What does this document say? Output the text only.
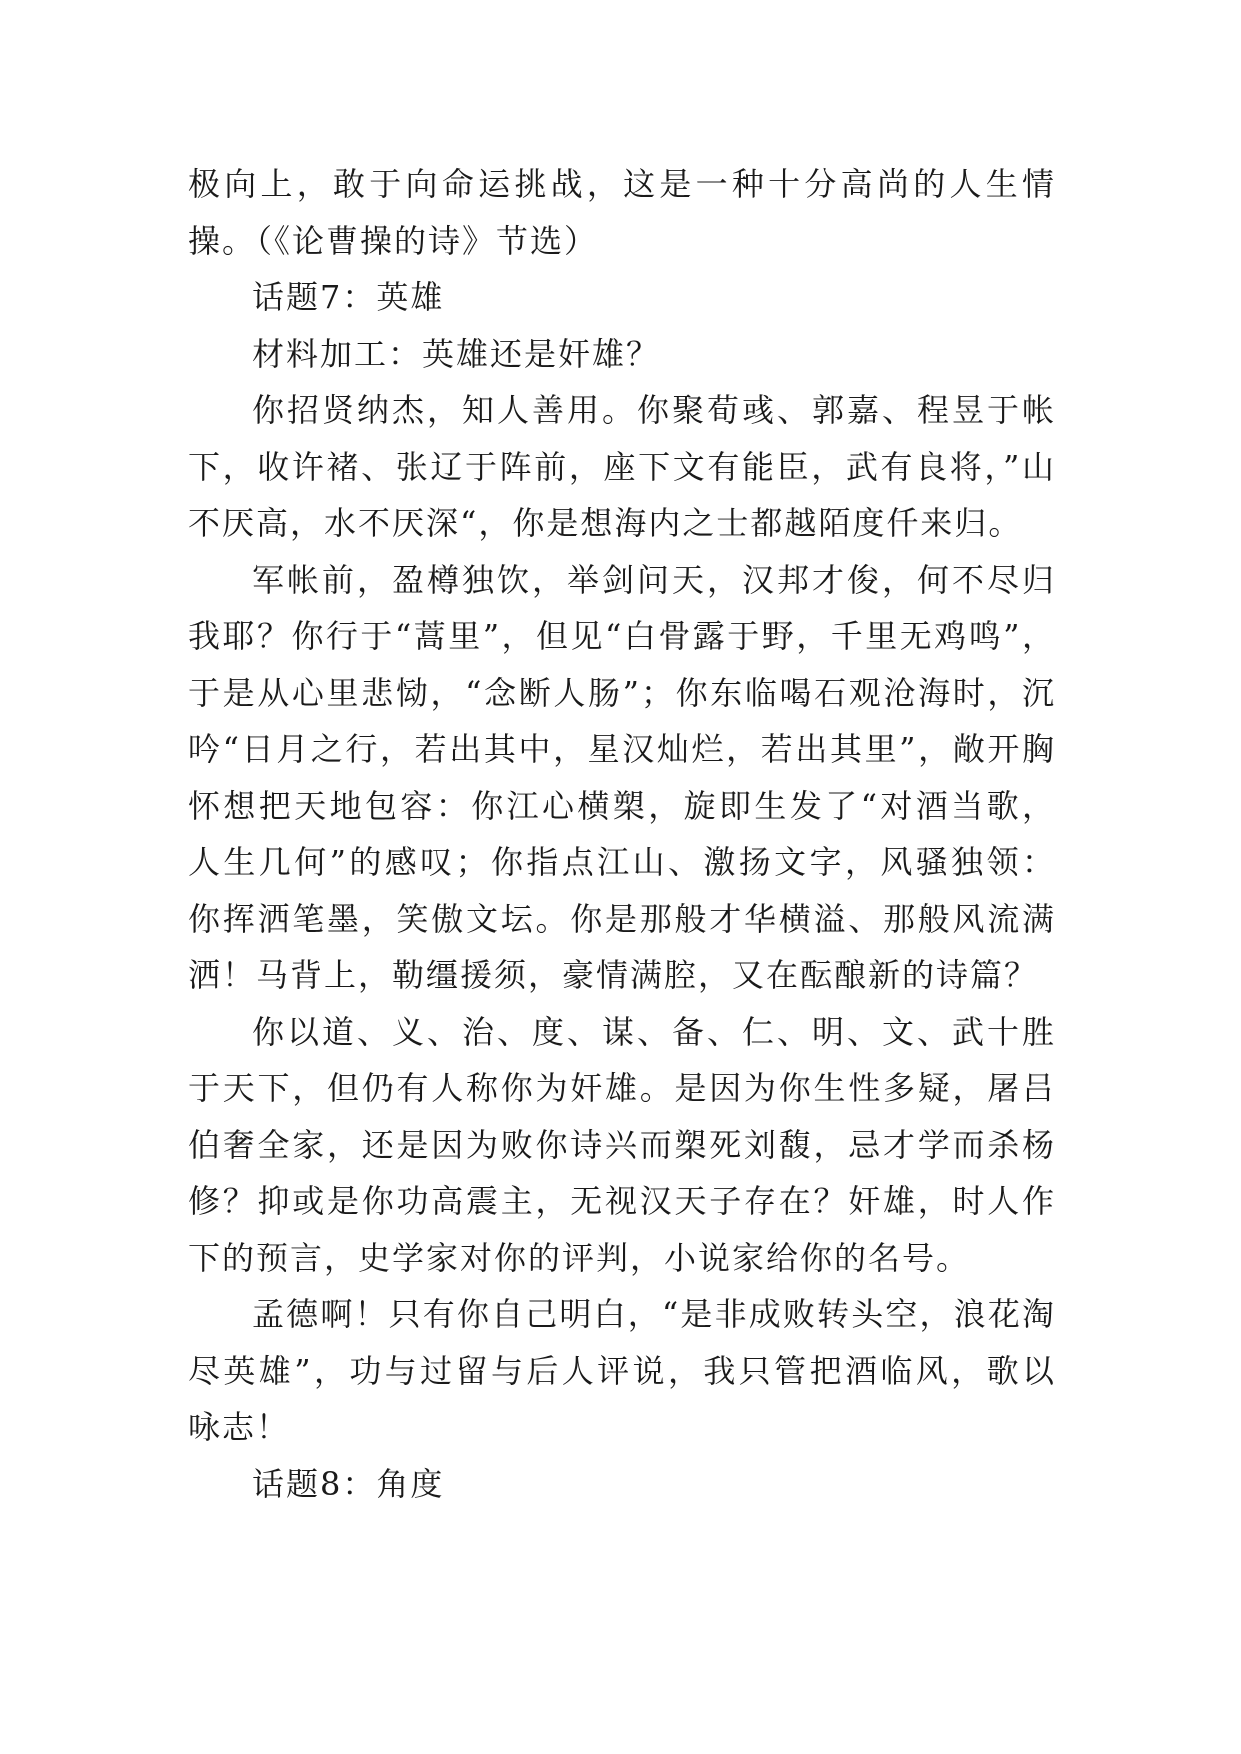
极向上，敢于向命运挑战，这是一种十分高尚的人生情操。（《论曹操的诗》节选）

话题7：英雄

材料加工：英雄还是奸雄？

你招贤纳杰，知人善用。你聚荀彧、郭嘉、程昱于帐下，收许褚、张辽于阵前，座下文有能臣，武有良将，”山不厌高，水不厌深“，你是想海内之士都越陌度仟来归。

军帐前，盈樽独饮，举剑问天，汉邦才俊，何不尽归我耶？你行于“蒿里”，但见“白骨露于野，千里无鸡鸣”，于是从心里悲恸，“念断人肠”；你东临喝石观沧海时，沉吟“日月之行，若出其中，星汉灿烂，若出其里”，敞开胸怀想把天地包容：你江心横槊，旋即生发了“对酒当歌，人生几何”的感叹；你指点江山、激扬文字，风骚独领：你挥洒笔墨，笑傲文坛。你是那般才华横溢、那般风流满洒！马背上，勒缰援须，豪情满腔，又在酝酿新的诗篇？

你以道、义、治、度、谋、备、仁、明、文、武十胜于天下，但仍有人称你为奸雄。是因为你生性多疑，屠吕伯奢全家，还是因为败你诗兴而槊死刘馥，忌才学而杀杨修？抑或是你功高震主，无视汉天子存在？奸雄，时人作下的预言，史学家对你的评判，小说家给你的名号。

孟德啊！只有你自己明白，“是非成败转头空，浪花淘尽英雄”，功与过留与后人评说，我只管把酒临风，歌以咏志！

话题8：角度
